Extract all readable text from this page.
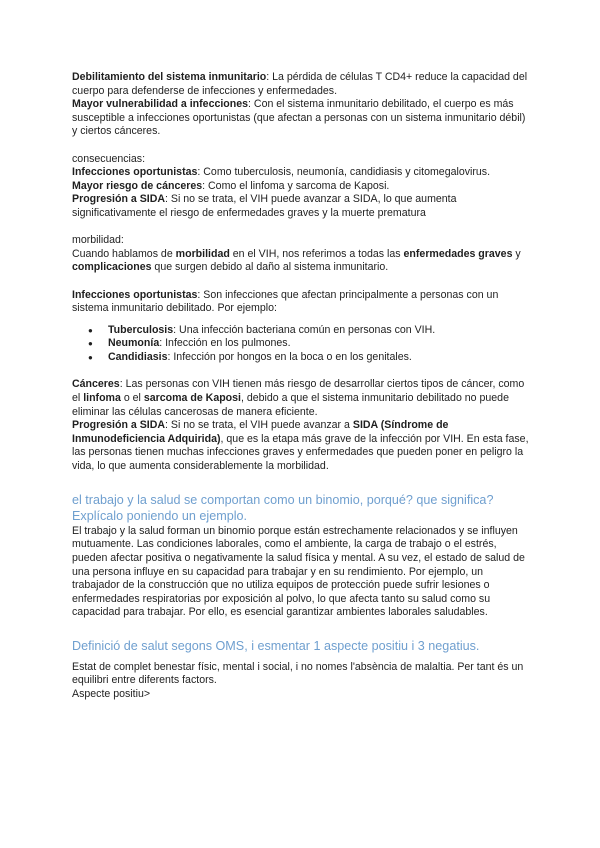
Debilitamiento del sistema inmunitario: La pérdida de células T CD4+ reduce la capacidad del cuerpo para defenderse de infecciones y enfermedades.

Mayor vulnerabilidad a infecciones: Con el sistema inmunitario debilitado, el cuerpo es más susceptible a infecciones oportunistas (que afectan a personas con un sistema inmunitario débil) y ciertos cánceres.

consecuencias:

Infecciones oportunistas: Como tuberculosis, neumonía, candidiasis y citomegalovirus.

Mayor riesgo de cánceres: Como el linfoma y sarcoma de Kaposi.

Progresión a SIDA: Si no se trata, el VIH puede avanzar a SIDA, lo que aumenta significativamente el riesgo de enfermedades graves y la muerte prematura

morbilidad:

Cuando hablamos de morbilidad en el VIH, nos referimos a todas las enfermedades graves y complicaciones que surgen debido al daño al sistema inmunitario.

Infecciones oportunistas: Son infecciones que afectan principalmente a personas con un sistema inmunitario debilitado. Por ejemplo:

● Tuberculosis: Una infección bacteriana común en personas con VIH.
● Neumonía: Infección en los pulmones.
● Candidiasis: Infección por hongos en la boca o en los genitales.

Cánceres: Las personas con VIH tienen más riesgo de desarrollar ciertos tipos de cáncer, como el linfoma o el sarcoma de Kaposi, debido a que el sistema inmunitario debilitado no puede eliminar las células cancerosas de manera eficiente.

Progresión a SIDA: Si no se trata, el VIH puede avanzar a SIDA (Síndrome de Inmunodeficiencia Adquirida), que es la etapa más grave de la infección por VIH. En esta fase, las personas tienen muchas infecciones graves y enfermedades que pueden poner en peligro la vida, lo que aumenta considerablemente la morbilidad.

el trabajo y la salud se comportan como un binomio, porqué? que significa? Explícalo poniendo un ejemplo.

El trabajo y la salud forman un binomio porque están estrechamente relacionados y se influyen mutuamente. Las condiciones laborales, como el ambiente, la carga de trabajo o el estrés, pueden afectar positiva o negativamente la salud física y mental. A su vez, el estado de salud de una persona influye en su capacidad para trabajar y en su rendimiento. Por ejemplo, un trabajador de la construcción que no utiliza equipos de protección puede sufrir lesiones o enfermedades respiratorias por exposición al polvo, lo que afecta tanto su salud como su capacidad para trabajar. Por ello, es esencial garantizar ambientes laborales saludables.

Definició de salut segons OMS, i esmentar 1 aspecte positiu i 3 negatius.

Estat de complet benestar físic, mental i social, i no nomes l'absència de malaltia. Per tant és un equilibri entre diferents factors.

Aspecte positiu>
